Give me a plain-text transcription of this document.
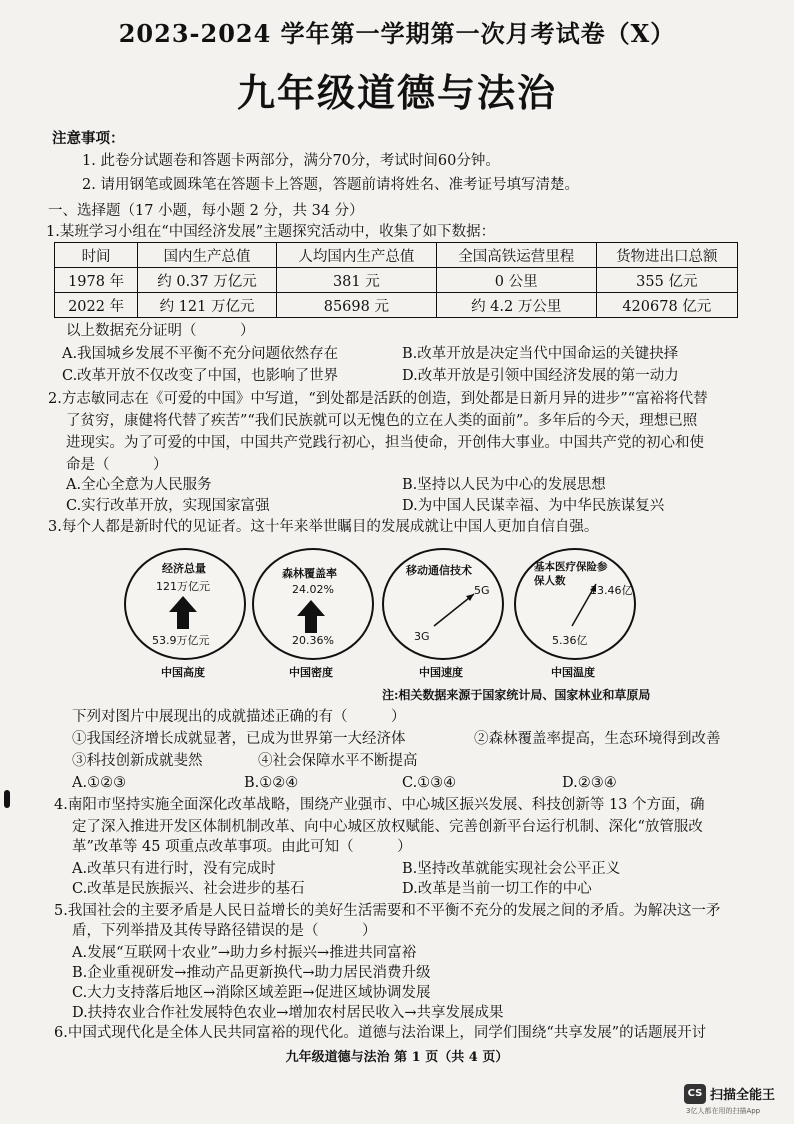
2023-2024 学年第一学期第一次月考试卷（X）
九年级道德与法治
注意事项：
1. 此卷分试题卷和答题卡两部分，满分70分，考试时间60分钟。
2. 请用钢笔或圆珠笔在答题卡上答题，答题前请将姓名、准考证号填写清楚。
一、选择题（17 小题，每小题 2 分，共 34 分）
1.某班学习小组在“中国经济发展”主题探究活动中，收集了如下数据：
时间	国内生产总值	人均国内生产总值	全国高铁运营里程	货物进出口总额
1978 年	约 0.37 万亿元	381 元	0 公里	355 亿元
2022 年	约 121 万亿元	85698 元	约 4.2 万公里	420678 亿元
以上数据充分证明（　　　）
A.我国城乡发展不平衡不充分问题依然存在	B.改革开放是决定当代中国命运的关键抉择
C.改革开放不仅改变了中国，也影响了世界	D.改革开放是引领中国经济发展的第一动力
2.方志敏同志在《可爱的中国》中写道，“到处都是活跃的创造，到处都是日新月异的进步”“富裕将代替
了贫穷，康健将代替了疾苦”“我们民族就可以无愧色的立在人类的面前”。多年后的今天，理想已照
进现实。为了可爱的中国，中国共产党践行初心，担当使命，开创伟大事业。中国共产党的初心和使
命是（　　　）
A.全心全意为人民服务	B.坚持以人民为中心的发展思想
C.实行改革开放，实现国家富强	D.为中国人民谋幸福、为中华民族谋复兴
3.每个人都是新时代的见证者。这十年来举世瞩目的发展成就让中国人更加自信自强。
经济总量
121万亿元
53.9万亿元
中国高度
森林覆盖率
24.02%
20.36%
中国密度
移动通信技术
5G
3G
中国速度
基本医疗保险参保人数
13.46亿
5.36亿
中国温度
注:相关数据来源于国家统计局、国家林业和草原局
下列对图片中展现出的成就描述正确的有（　　　）
①我国经济增长成就显著，已成为世界第一大经济体	②森林覆盖率提高，生态环境得到改善
③科技创新成就斐然	④社会保障水平不断提高
A.①②③	B.①②④	C.①③④	D.②③④
4.南阳市坚持实施全面深化改革战略，围绕产业强市、中心城区振兴发展、科技创新等 13 个方面，确
定了深入推进开发区体制机制改革、向中心城区放权赋能、完善创新平台运行机制、深化“放管服改
革”改革等 45 项重点改革事项。由此可知（　　　）
A.改革只有进行时，没有完成时	B.坚持改革就能实现社会公平正义
C.改革是民族振兴、社会进步的基石	D.改革是当前一切工作的中心
5.我国社会的主要矛盾是人民日益增长的美好生活需要和不平衡不充分的发展之间的矛盾。为解决这一矛
盾，下列举措及其传导路径错误的是（　　　）
A.发展“互联网十农业”→助力乡村振兴→推进共同富裕
B.企业重视研发→推动产品更新换代→助力居民消费升级
C.大力支持落后地区→消除区域差距→促进区域协调发展
D.扶持农业合作社发展特色农业→增加农村居民收入→共享发展成果
6.中国式现代化是全体人民共同富裕的现代化。道德与法治课上，同学们围绕“共享发展”的话题展开讨
九年级道德与法治 第 1 页（共 4 页）
CS 扫描全能王
3亿人都在用的扫描App
